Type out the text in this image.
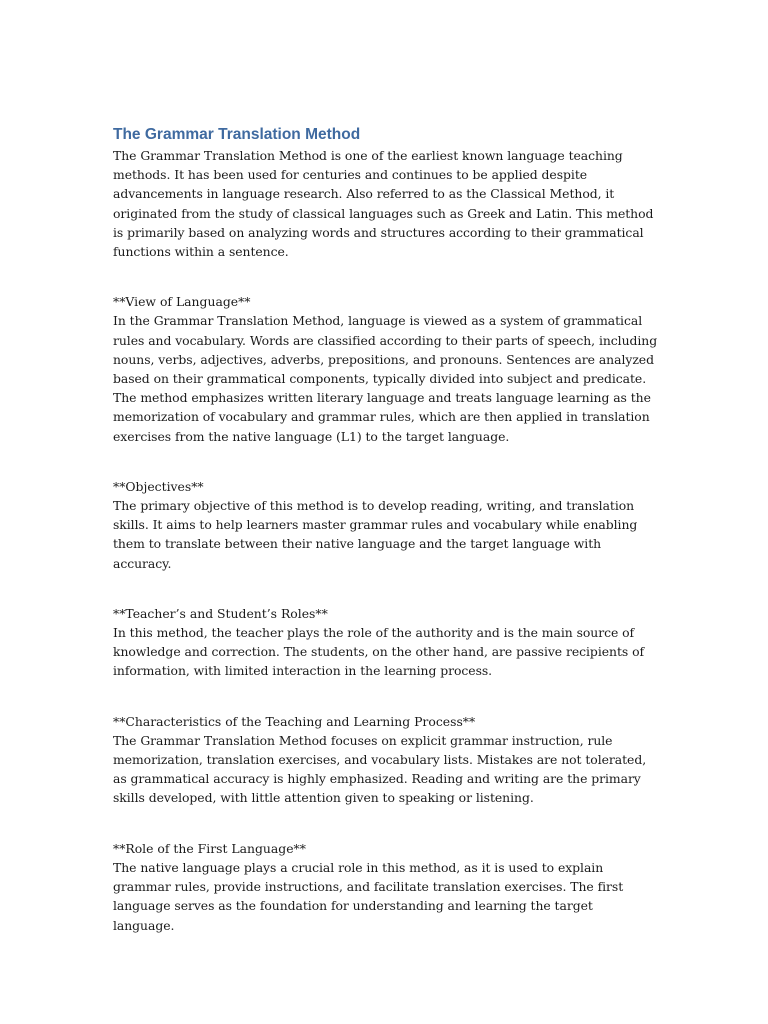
The Grammar Translation Method

The Grammar Translation Method is one of the earliest known language teaching methods. It has been used for centuries and continues to be applied despite advancements in language research. Also referred to as the Classical Method, it originated from the study of classical languages such as Greek and Latin. This method is primarily based on analyzing words and structures according to their grammatical functions within a sentence.

**View of Language**

In the Grammar Translation Method, language is viewed as a system of grammatical rules and vocabulary. Words are classified according to their parts of speech, including nouns, verbs, adjectives, adverbs, prepositions, and pronouns. Sentences are analyzed based on their grammatical components, typically divided into subject and predicate. The method emphasizes written literary language and treats language learning as the memorization of vocabulary and grammar rules, which are then applied in translation exercises from the native language (L1) to the target language.

**Objectives**

The primary objective of this method is to develop reading, writing, and translation skills. It aims to help learners master grammar rules and vocabulary while enabling them to translate between their native language and the target language with accuracy.

**Teacher’s and Student’s Roles**

In this method, the teacher plays the role of the authority and is the main source of knowledge and correction. The students, on the other hand, are passive recipients of information, with limited interaction in the learning process.

**Characteristics of the Teaching and Learning Process**

The Grammar Translation Method focuses on explicit grammar instruction, rule memorization, translation exercises, and vocabulary lists. Mistakes are not tolerated, as grammatical accuracy is highly emphasized. Reading and writing are the primary skills developed, with little attention given to speaking or listening.

**Role of the First Language**

The native language plays a crucial role in this method, as it is used to explain grammar rules, provide instructions, and facilitate translation exercises. The first language serves as the foundation for understanding and learning the target language.
